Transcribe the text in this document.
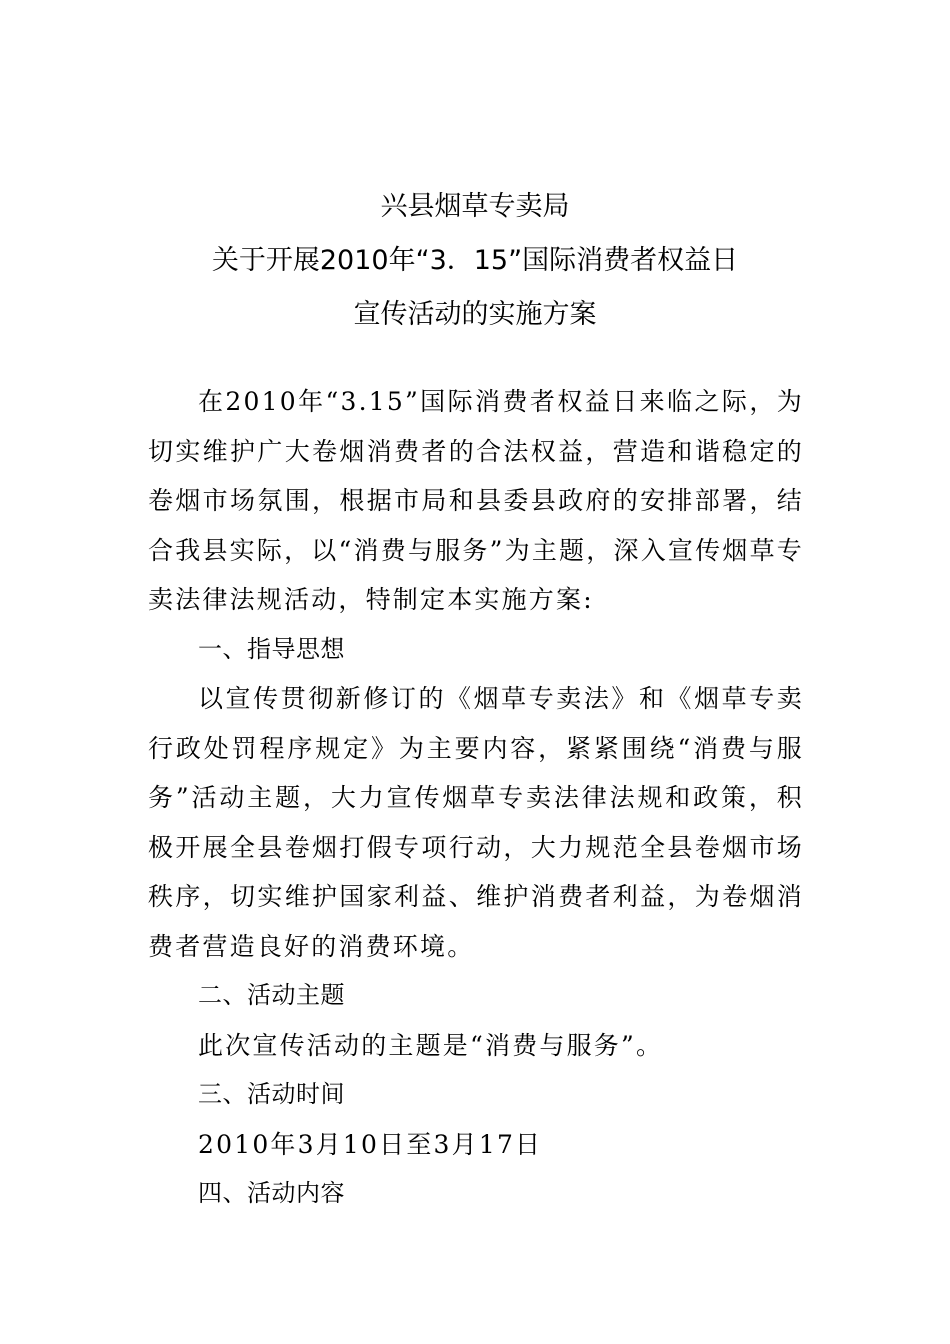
兴县烟草专卖局
关于开展2010年“3．15”国际消费者权益日
宣传活动的实施方案

在2010年“3.15”国际消费者权益日来临之际，为切实维护广大卷烟消费者的合法权益，营造和谐稳定的卷烟市场氛围，根据市局和县委县政府的安排部署，结合我县实际，以“消费与服务”为主题，深入宣传烟草专卖法律法规活动，特制定本实施方案:

一、指导思想

以宣传贯彻新修订的《烟草专卖法》和《烟草专卖行政处罚程序规定》为主要内容，紧紧围绕“消费与服务”活动主题，大力宣传烟草专卖法律法规和政策，积极开展全县卷烟打假专项行动，大力规范全县卷烟市场秩序，切实维护国家利益、维护消费者利益，为卷烟消费者营造良好的消费环境。

二、活动主题

此次宣传活动的主题是“消费与服务”。

三、活动时间

2010年3月10日至3月17日

四、活动内容
